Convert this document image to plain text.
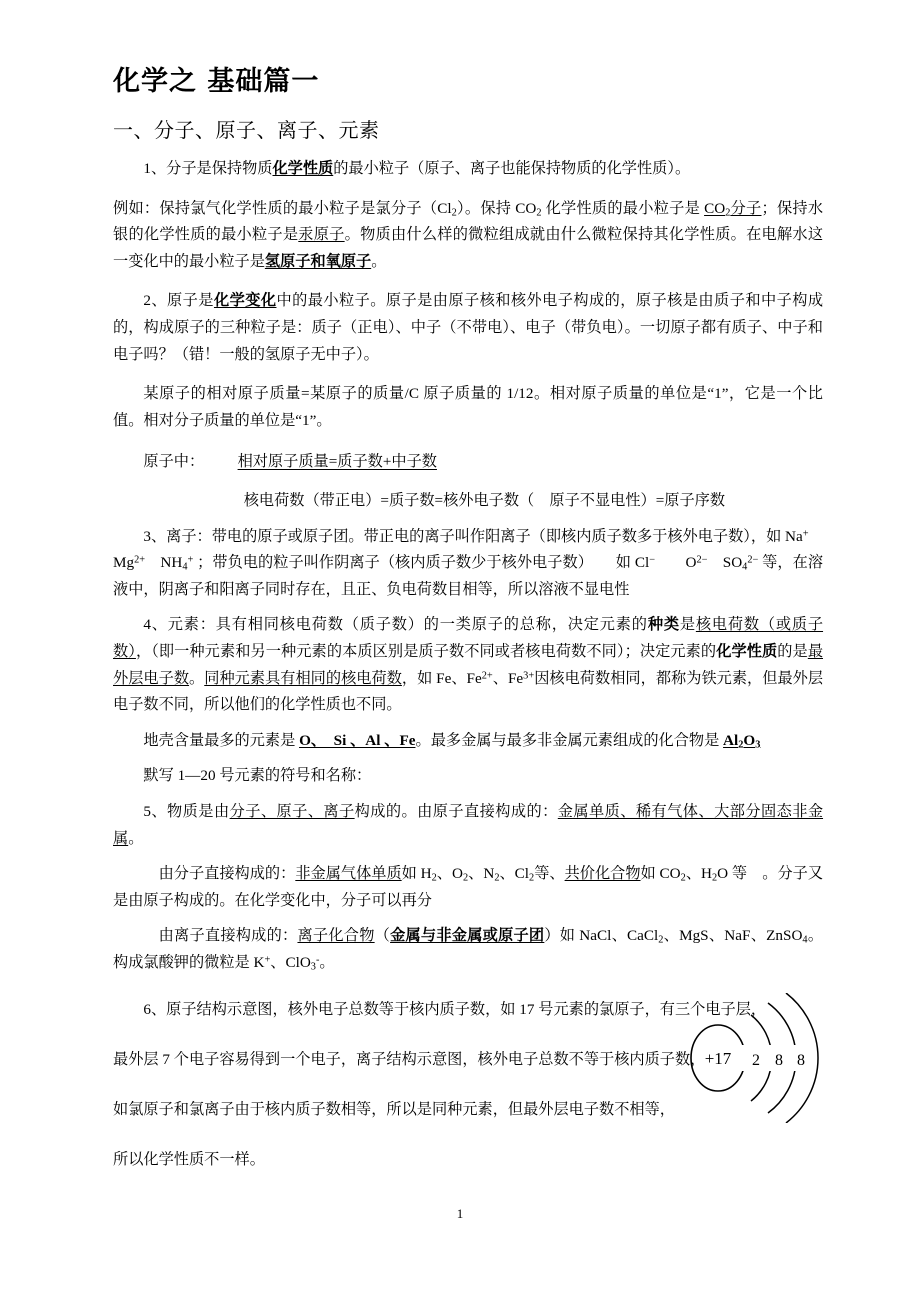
化学之 基础篇一
一、分子、原子、离子、元素

1、分子是保持物质化学性质的最小粒子（原子、离子也能保持物质的化学性质）。

例如：保持氯气化学性质的最小粒子是氯分子$(Cl_2)$。保持 $CO_2$ 化学性质的最小粒子是 $CO_2$分子；保持水银的化学性质的最小粒子是汞原子。物质由什么样的微粒组成就由什么微粒保持其化学性质。在电解水这一变化中的最小粒子是氢原子和氧原子。

2、原子是化学变化中的最小粒子。原子是由原子核和核外电子构成的，原子核是由质子和中子构成的，构成原子的三种粒子是：质子（正电）、中子（不带电）、电子（带负电）。一切原子都有质子、中子和电子吗？（错！一般的氢原子无中子）。

某原子的相对原子质量=某原子的质量/C 原子质量的 1/12。相对原子质量的单位是“1”，它是一个比值。相对分子质量的单位是“1”。

原子中： 相对原子质量=质子数+中子数

核电荷数（带正电）=质子数=核外电子数（　原子不显电性）=原子序数

3、离子：带电的原子或原子团。带正电的离子叫作阳离子（即核内质子数多于核外电子数），如 Na+　$Mg^{2+}$　$NH_4^+$ ；带负电的粒子叫作阴离子（核内质子数少于核外电子数）　　如 Cl−　　$O^{2-}$　$SO_4^{2-}$ 等，在溶液中，阴离子和阳离子同时存在，且正、负电荷数目相等，所以溶液不显电性

4、元素：具有相同核电荷数（质子数）的一类原子的总称，决定元素的种类是核电荷数（或质子数），（即一种元素和另一种元素的本质区别是质子数不同或者核电荷数不同）；决定元素的化学性质的是最外层电子数。同种元素具有相同的核电荷数，如 Fe、$Fe^{2+}$、$Fe^{3+}$因核电荷数相同，都称为铁元素，但最外层电子数不同，所以他们的化学性质也不同。

地壳含量最多的元素是 O、　Si 、Al 、Fe。最多金属与最多非金属元素组成的化合物是 $Al_2O_3$

默写 1—20 号元素的符号和名称：

5、物质是由分子、原子、离子构成的。由原子直接构成的：金属单质、稀有气体、大部分固态非金属。

由分子直接构成的：非金属气体单质如 $H_2$、$O_2$、$N_2$、$Cl_2$等、共价化合物如 $CO_2$、$H_2O$ 等　。分子又是由原子构成的。在化学变化中，分子可以再分

由离子直接构成的：离子化合物（金属与非金属或原子团）如 NaCl、CaCl$_2$、MgS、NaF、ZnSO$_4$。构成氯酸钾的微粒是 K+、ClO$_3$-。

6、原子结构示意图，核外电子总数等于核内质子数，如 17 号元素的氯原子，有三个电子层，

最外层 7 个电子容易得到一个电子，离子结构示意图，核外电子总数不等于核内质子数，

如氯原子和氯离子由于核内质子数相等，所以是同种元素，但最外层电子数不相等，

所以化学性质不一样。

+17 2 8 8
1
